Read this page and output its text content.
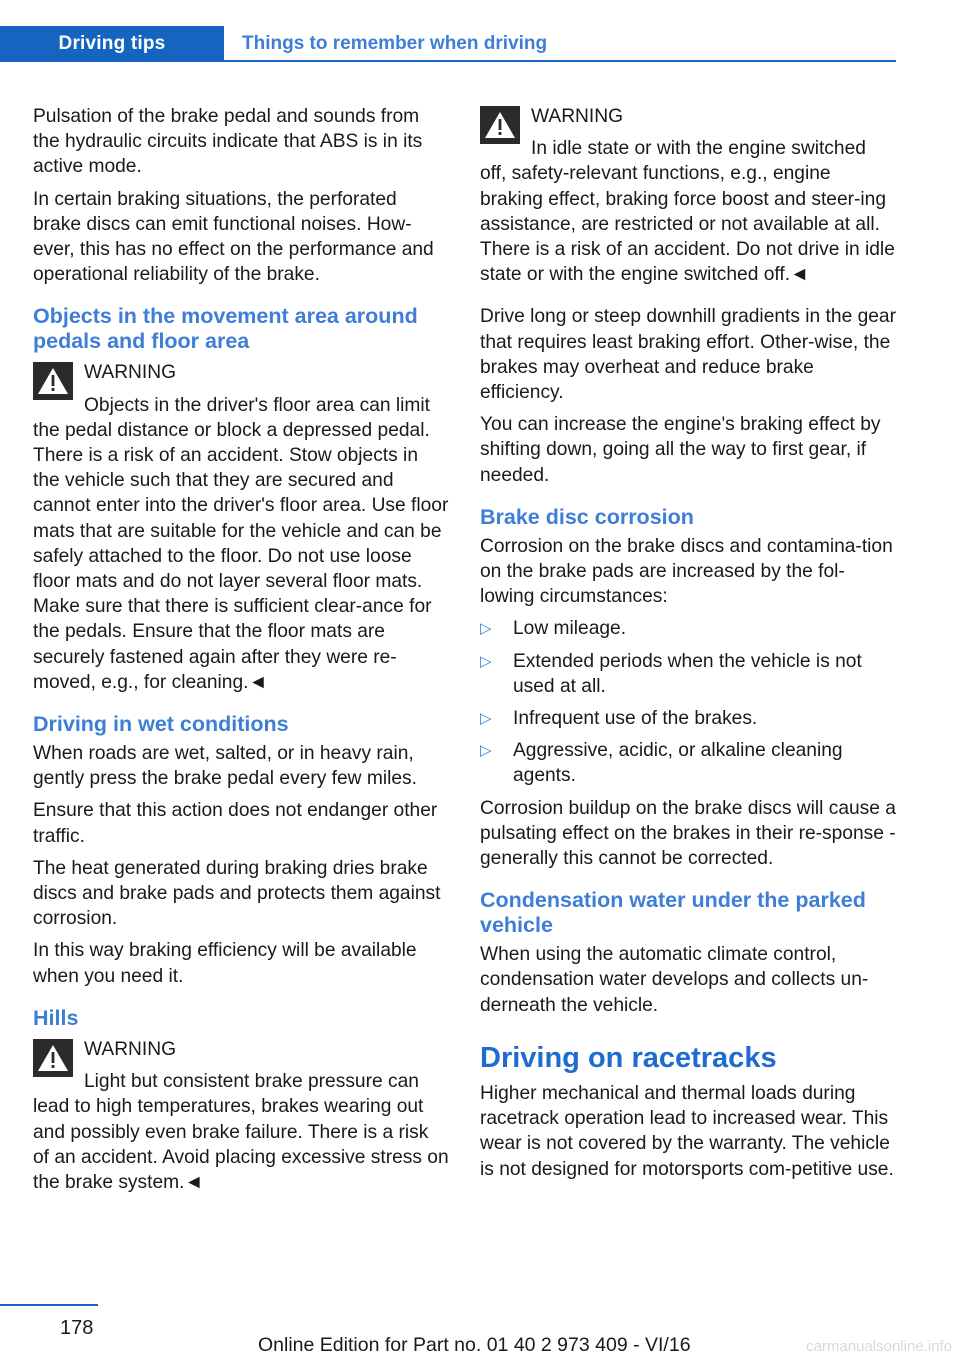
Driving tips	Things to remember when driving

Pulsation of the brake pedal and sounds from the hydraulic circuits indicate that ABS is in its active mode.

In certain braking situations, the perforated brake discs can emit functional noises. How‐ever, this has no effect on the performance and operational reliability of the brake.

Objects in the movement area around pedals and floor area
WARNING
Objects in the driver's floor area can limit the pedal distance or block a depressed pedal. There is a risk of an accident. Stow objects in the vehicle such that they are secured and cannot enter into the driver's floor area. Use floor mats that are suitable for the vehicle and can be safely attached to the floor. Do not use loose floor mats and do not layer several floor mats. Make sure that there is sufficient clear‐ance for the pedals. Ensure that the floor mats are securely fastened again after they were re‐moved, e.g., for cleaning.◄
Driving in wet conditions

When roads are wet, salted, or in heavy rain, gently press the brake pedal every few miles.

Ensure that this action does not endanger other traffic.

The heat generated during braking dries brake discs and brake pads and protects them against corrosion.

In this way braking efficiency will be available when you need it.

Hills
WARNING
Light but consistent brake pressure can lead to high temperatures, brakes wearing out and possibly even brake failure. There is a risk of an accident. Avoid placing excessive stress on the brake system.◄
WARNING
In idle state or with the engine switched off, safety-relevant functions, e.g., engine braking effect, braking force boost and steer‐ing assistance, are restricted or not available at all. There is a risk of an accident. Do not drive in idle state or with the engine switched off.◄

Drive long or steep downhill gradients in the gear that requires least braking effort. Other‐wise, the brakes may overheat and reduce brake efficiency.

You can increase the engine's braking effect by shifting down, going all the way to first gear, if needed.

Brake disc corrosion

Corrosion on the brake discs and contamina‐tion on the brake pads are increased by the fol‐lowing circumstances:

▷ Low mileage.
▷ Extended periods when the vehicle is not used at all.
▷ Infrequent use of the brakes.
▷ Aggressive, acidic, or alkaline cleaning agents.

Corrosion buildup on the brake discs will cause a pulsating effect on the brakes in their re‐sponse - generally this cannot be corrected.

Condensation water under the parked vehicle

When using the automatic climate control, condensation water develops and collects un‐derneath the vehicle.

Driving on racetracks

Higher mechanical and thermal loads during racetrack operation lead to increased wear. This wear is not covered by the warranty. The vehicle is not designed for motorsports com‐petitive use.

178
Online Edition for Part no. 01 40 2 973 409 - VI/16	carmanualsonline.info
